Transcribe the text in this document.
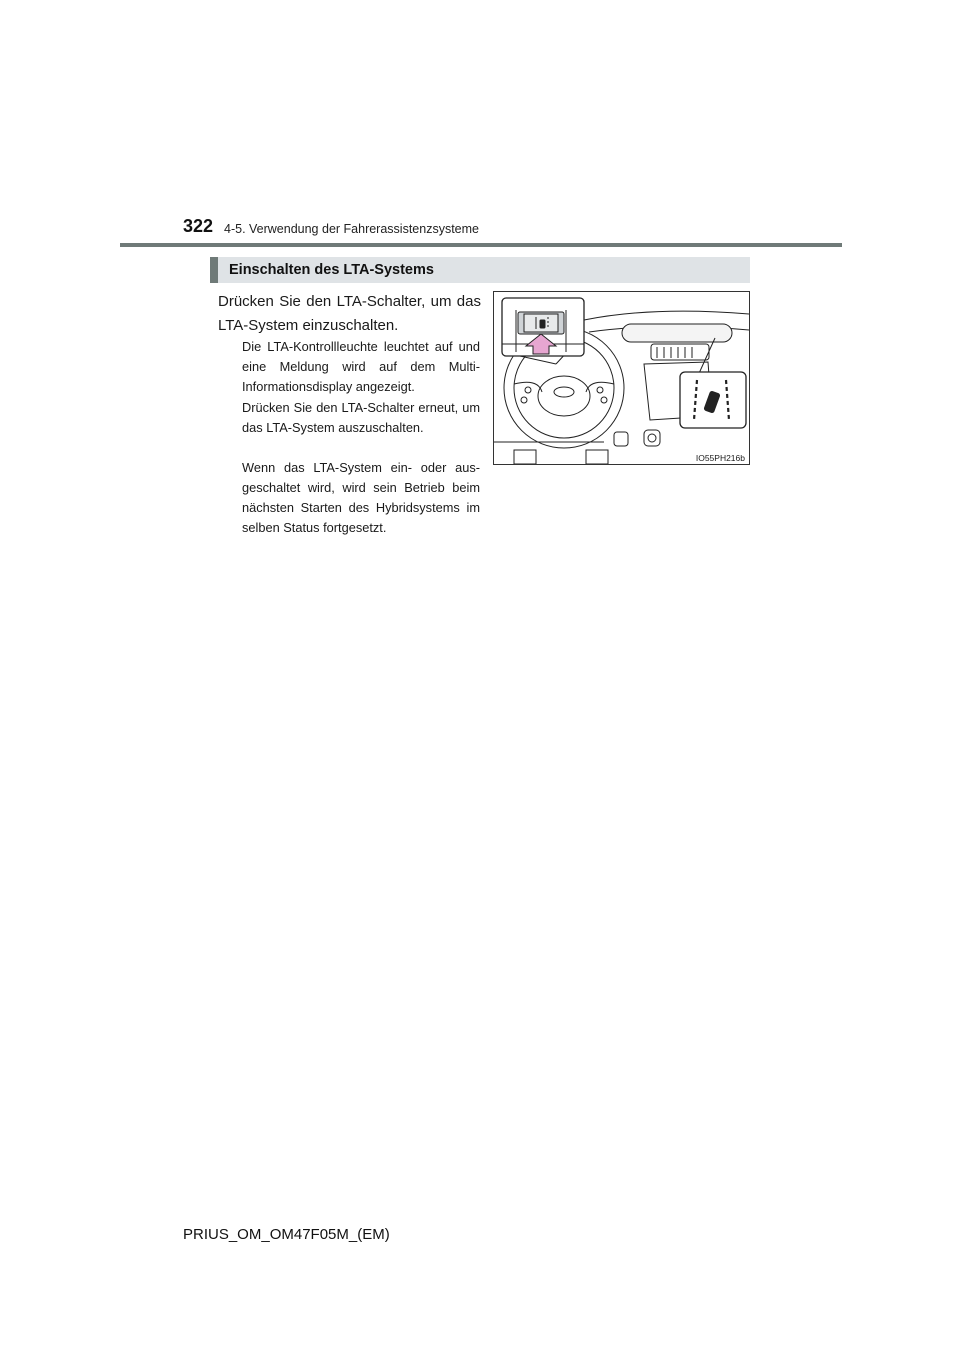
322 4-5. Verwendung der Fahrerassistenzsysteme
Einschalten des LTA-Systems
Drücken Sie den LTA-Schalter, um das LTA-System einzuschalten.
Die LTA-Kontrollleuchte leuchtet auf und eine Meldung wird auf dem Multi-Informationsdisplay angezeigt.
Drücken Sie den LTA-Schalter erneut, um das LTA-System auszuschalten.
Wenn das LTA-System ein- oder aus-geschaltet wird, wird sein Betrieb beim nächsten Starten des Hybridsystems im selben Status fortgesetzt.
IO55PH216b
PRIUS_OM_OM47F05M_(EM)
